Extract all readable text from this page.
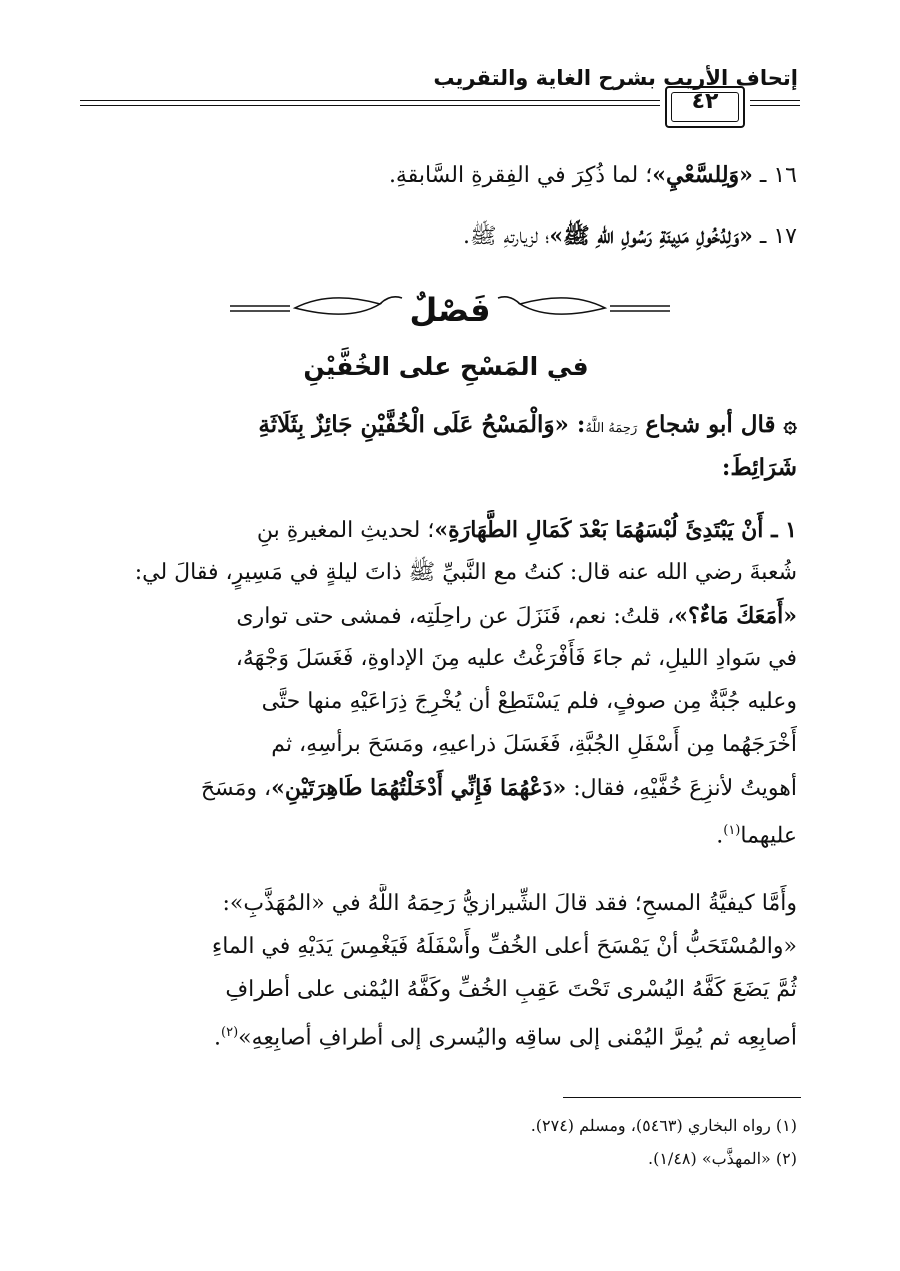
إتحاف الأريب بشرح الغاية والتقريب
٤٢
١٦ ـ «وَلِلسَّعْيِ»؛ لما ذُكِرَ في الفِقرةِ السَّابقةِ.
١٧ ـ «وَلِدُخُولِ مَدِينَةِ رَسُولِ اللهِ ﷺ»؛ لزيارتهِ ﷺ.
فَصْلٌ
في المَسْحِ على الخُفَّيْنِ
۞ قال أبو شجاع رَحِمَهُ اللَّهُ: «وَالْمَسْحُ عَلَى الْخُفَّيْنِ جَائِزٌ بِثَلَاثَةِ
شَرَائِطَ:
١ ـ أَنْ يَبْتَدِئَ لُبْسَهُمَا بَعْدَ كَمَالِ الطَّهَارَةِ»؛ لحديثِ المغيرةِ بنِ
شُعبةَ رضي الله عنه قال: كنتُ مع النَّبيِّ ﷺ ذاتَ ليلةٍ في مَسِيرٍ، فقالَ لي:
«أَمَعَكَ مَاءٌ؟»، قلتُ: نعم، فَنَزَلَ عن راحِلَتِه، فمشى حتى توارى
في سَوادِ الليلِ، ثم جاءَ فَأَفْرَغْتُ عليه مِنَ الإداوةِ، فَغَسَلَ وَجْهَهُ،
وعليه جُبَّةٌ مِن صوفٍ، فلم يَسْتَطِعْ أن يُخْرِجَ ذِرَاعَيْهِ منها حتَّى
أَخْرَجَهُما مِن أَسْفَلِ الجُبَّةِ، فَغَسَلَ ذراعيهِ، ومَسَحَ برأسِهِ، ثم
أهويتُ لأنزِعَ خُفَّيْهِ، فقال: «دَعْهُمَا فَإِنِّي أَدْخَلْتُهُمَا طَاهِرَتَيْنِ»، ومَسَحَ
عليهما$^{(١)}$.
وأَمَّا كيفيَّةُ المسحِ؛ فقد قالَ الشِّيرازيُّ رَحِمَهُ اللَّهُ في «المُهَذَّبِ»:
«والمُسْتَحَبُّ أنْ يَمْسَحَ أعلى الخُفِّ وأَسْفَلَهُ فَيَغْمِسَ يَدَيْهِ في الماءِ
ثُمَّ يَضَعَ كَفَّهُ اليُسْرى تَحْتَ عَقِبِ الخُفِّ وكَفَّهُ اليُمْنى على أطرافِ
أصابِعِه ثم يُمِرَّ اليُمْنى إلى ساقِه واليُسرى إلى أطرافِ أصابِعِهِ»$^{(٢)}$.
(١) رواه البخاري (٥٤٦٣)، ومسلم (٢٧٤).
(٢) «المهذَّب» (١/٤٨).
